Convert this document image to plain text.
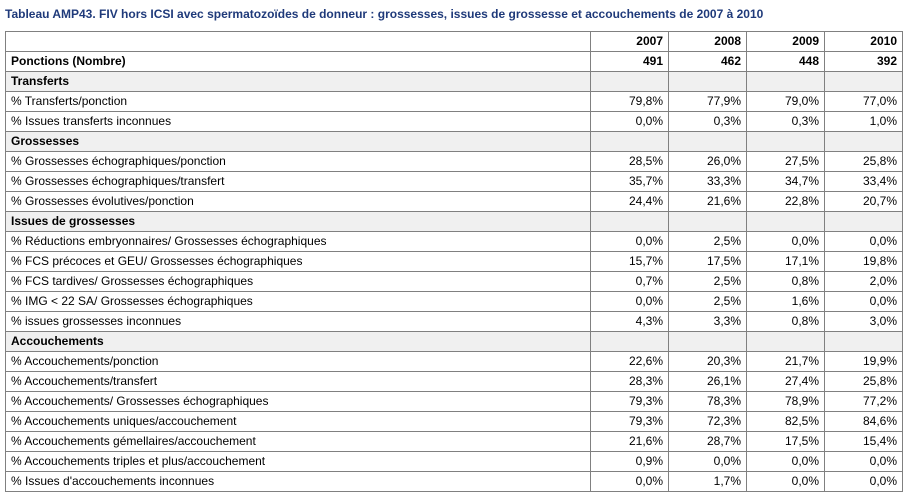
Tableau AMP43. FIV hors ICSI avec spermatozoïdes de donneur : grossesses, issues de grossesse et accouchements de 2007 à 2010
	2007	2008	2009	2010
Ponctions (Nombre)	491	462	448	392
Transferts				
% Transferts/ponction	79,8%	77,9%	79,0%	77,0%
% Issues transferts inconnues	0,0%	0,3%	0,3%	1,0%
Grossesses				
% Grossesses échographiques/ponction	28,5%	26,0%	27,5%	25,8%
% Grossesses échographiques/transfert	35,7%	33,3%	34,7%	33,4%
% Grossesses évolutives/ponction	24,4%	21,6%	22,8%	20,7%
Issues de grossesses				
% Réductions embryonnaires/ Grossesses échographiques	0,0%	2,5%	0,0%	0,0%
% FCS précoces et GEU/ Grossesses échographiques	15,7%	17,5%	17,1%	19,8%
% FCS tardives/ Grossesses échographiques	0,7%	2,5%	0,8%	2,0%
% IMG < 22 SA/ Grossesses échographiques	0,0%	2,5%	1,6%	0,0%
% issues grossesses inconnues	4,3%	3,3%	0,8%	3,0%
Accouchements				
% Accouchements/ponction	22,6%	20,3%	21,7%	19,9%
% Accouchements/transfert	28,3%	26,1%	27,4%	25,8%
% Accouchements/ Grossesses échographiques	79,3%	78,3%	78,9%	77,2%
% Accouchements uniques/accouchement	79,3%	72,3%	82,5%	84,6%
% Accouchements gémellaires/accouchement	21,6%	28,7%	17,5%	15,4%
% Accouchements triples et plus/accouchement	0,9%	0,0%	0,0%	0,0%
% Issues d'accouchements inconnues	0,0%	1,7%	0,0%	0,0%
